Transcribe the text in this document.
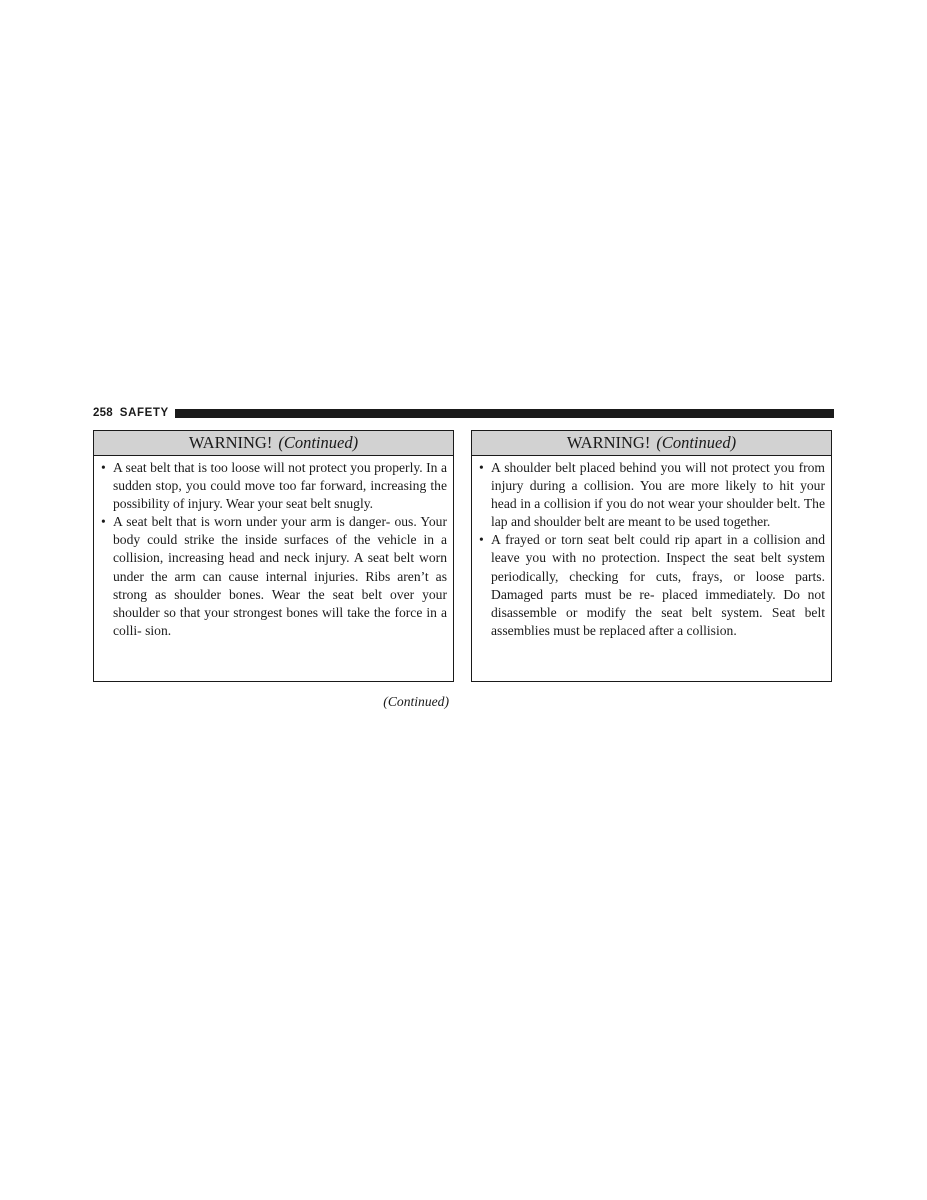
258 SAFETY
WARNING! (Continued)
• A seat belt that is too loose will not protect you properly. In a sudden stop, you could move too far forward, increasing the possibility of injury. Wear your seat belt snugly.
• A seat belt that is worn under your arm is danger- ous. Your body could strike the inside surfaces of the vehicle in a collision, increasing head and neck injury. A seat belt worn under the arm can cause internal injuries. Ribs aren’t as strong as shoulder bones. Wear the seat belt over your shoulder so that your strongest bones will take the force in a colli- sion.
WARNING! (Continued)
• A shoulder belt placed behind you will not protect you from injury during a collision. You are more likely to hit your head in a collision if you do not wear your shoulder belt. The lap and shoulder belt are meant to be used together.
• A frayed or torn seat belt could rip apart in a collision and leave you with no protection. Inspect the seat belt system periodically, checking for cuts, frays, or loose parts. Damaged parts must be re- placed immediately. Do not disassemble or modify the seat belt system. Seat belt assemblies must be replaced after a collision.
(Continued)
